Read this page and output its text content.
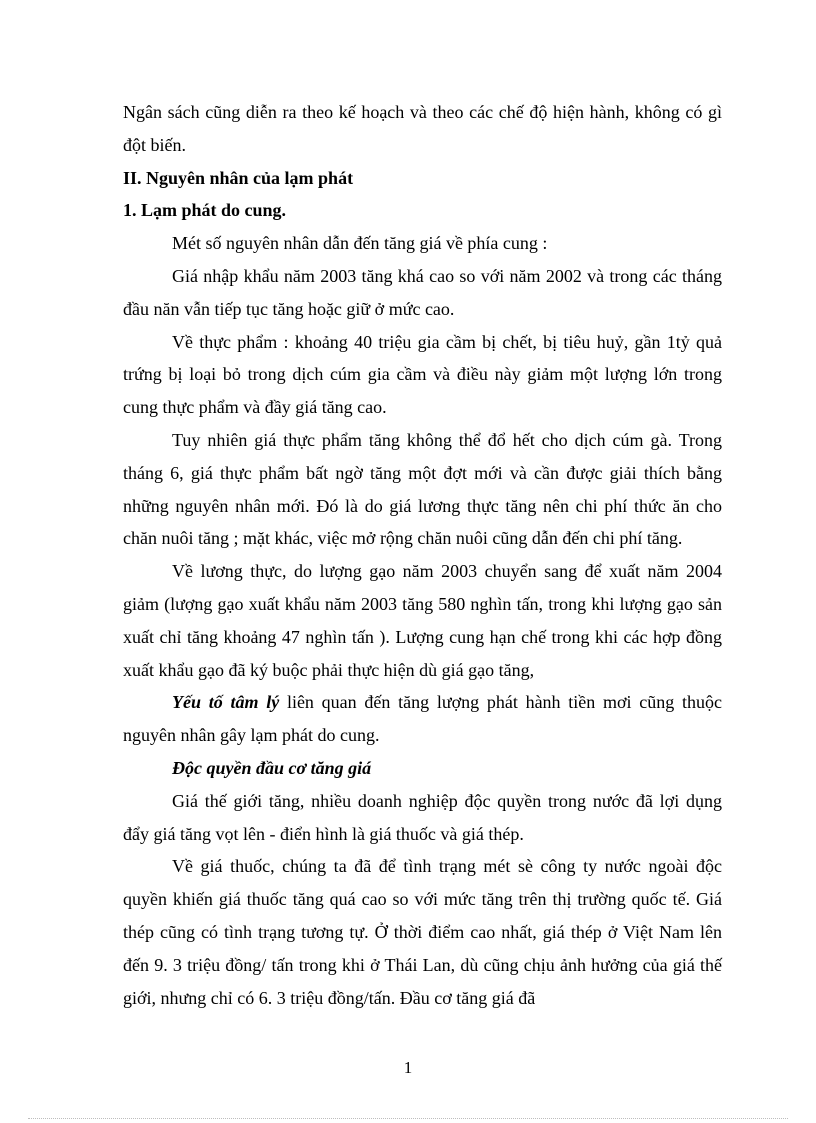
Ngân sách cũng diễn ra theo kế hoạch và theo các chế độ hiện hành, không có gì đột biến.

II. Nguyên nhân của lạm phát

1. Lạm phát do cung.

Mét số nguyên nhân dẫn đến tăng giá về phía cung :

Giá nhập khẩu năm 2003 tăng khá cao so với năm 2002 và trong các tháng đầu năn vẫn tiếp tục tăng hoặc giữ ở mức cao.

Về thực phẩm : khoảng 40 triệu gia cầm bị chết, bị tiêu huỷ, gần 1tỷ quả trứng bị loại bỏ trong dịch cúm gia cầm và điều này giảm một lượng lớn trong cung thực phẩm và đầy giá tăng cao.

Tuy nhiên giá thực phẩm tăng không thể đổ hết cho dịch cúm gà. Trong tháng 6, giá thực phẩm bất ngờ tăng một đợt mới và cần được giải thích bằng những nguyên nhân mới. Đó là do giá lương thực tăng nên chi phí thức ăn cho chăn nuôi tăng ; mặt khác, việc mở rộng chăn nuôi cũng dẫn đến chi phí tăng.

Về lương thực, do lượng gạo năm 2003 chuyển sang để xuất năm 2004 giảm (lượng gạo xuất khẩu năm 2003 tăng 580 nghìn tấn, trong khi lượng gạo sản xuất chỉ tăng khoảng 47 nghìn tấn ). Lượng cung hạn chế trong khi các hợp đồng xuất khẩu gạo đã ký buộc phải thực hiện dù giá gạo tăng,

Yếu tố tâm lý liên quan đến tăng lượng phát hành tiền mơi cũng thuộc nguyên nhân gây lạm phát do cung.

Độc quyền đầu cơ tăng giá

Giá thế giới tăng, nhiều doanh nghiệp độc quyền trong nước đã lợi dụng đẩy giá tăng vọt lên - điển hình là giá thuốc và giá thép.

Về giá thuốc, chúng ta đã để tình trạng mét sè công ty nước ngoài độc quyền khiến giá thuốc tăng quá cao so với mức tăng trên thị trường quốc tế. Giá thép cũng có tình trạng tương tự. Ở thời điểm cao nhất, giá thép ở Việt Nam lên đến 9. 3 triệu đồng/ tấn trong khi ở Thái Lan, dù cũng chịu ảnh hưởng của giá thế giới, nhưng chỉ có 6. 3 triệu đồng/tấn. Đầu cơ tăng giá đã

1
